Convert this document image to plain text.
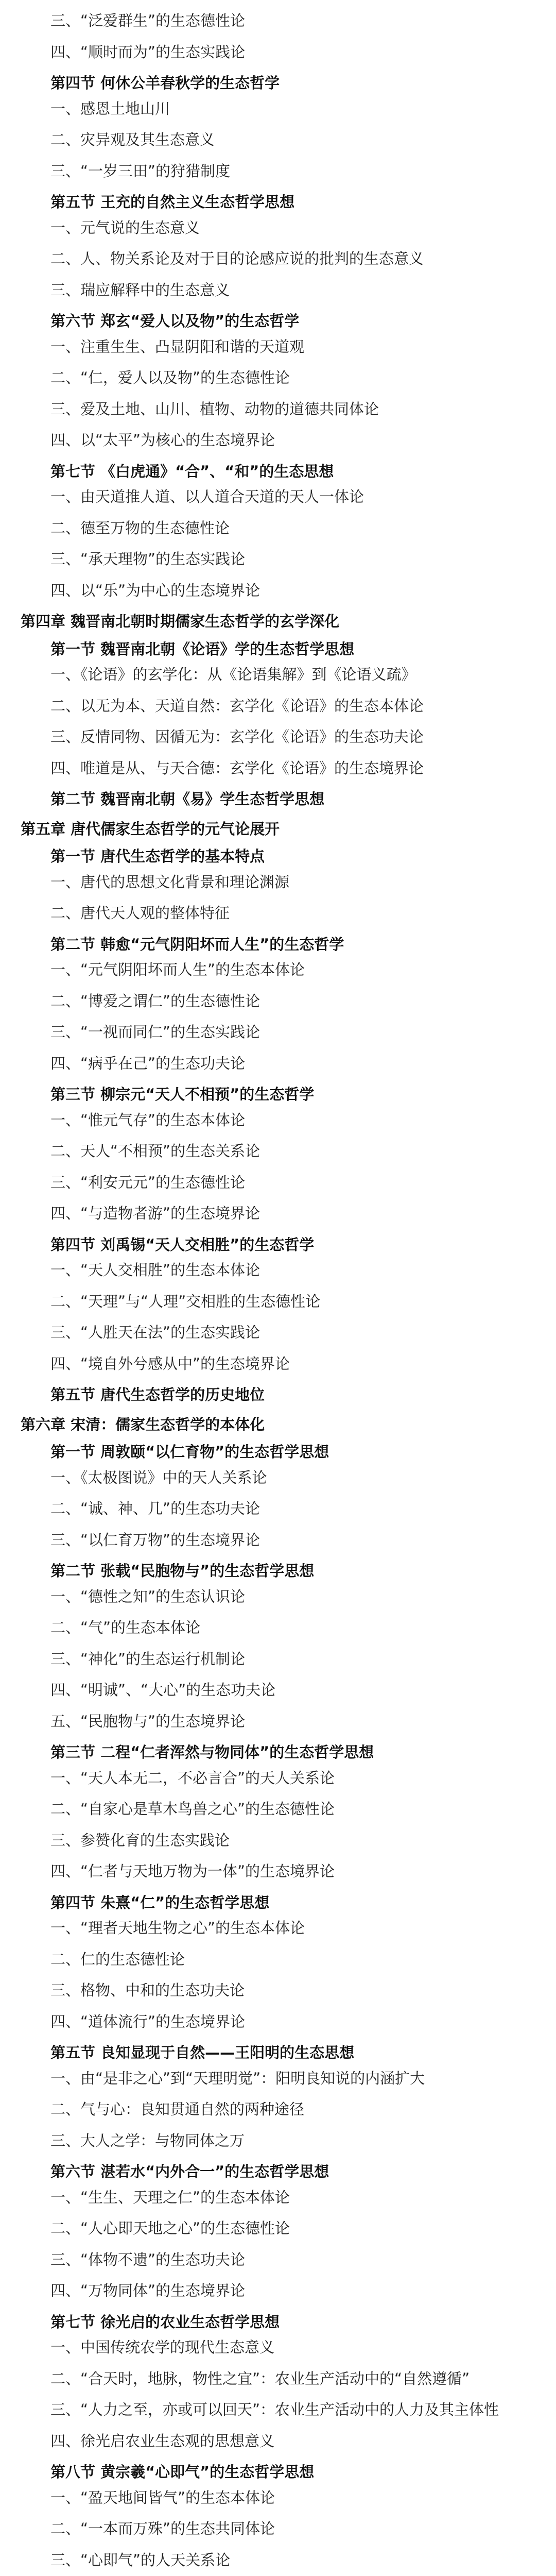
三、“泛爱群生”的生态德性论

四、“顺时而为”的生态实践论

第四节 何休公羊春秋学的生态哲学

一、感恩土地山川

二、灾异观及其生态意义

三、“一岁三田”的狩猎制度

第五节 王充的自然主义生态哲学思想

一、元气说的生态意义

二、人、物关系论及对于目的论感应说的批判的生态意义

三、瑞应解释中的生态意义

第六节 郑玄“爱人以及物”的生态哲学

一、注重生生、凸显阴阳和谐的天道观

二、“仁，爱人以及物”的生态德性论

三、爱及土地、山川、植物、动物的道德共同体论

四、以“太平”为核心的生态境界论

第七节 《白虎通》“合”、“和”的生态思想

一、由天道推人道、以人道合天道的天人一体论

二、德至万物的生态德性论

三、“承天理物”的生态实践论

四、以“乐”为中心的生态境界论

第四章 魏晋南北朝时期儒家生态哲学的玄学深化

第一节 魏晋南北朝《论语》学的生态哲学思想

一、《论语》的玄学化：从《论语集解》到《论语义疏》

二、以无为本、天道自然：玄学化《论语》的生态本体论

三、反情同物、因循无为：玄学化《论语》的生态功夫论

四、唯道是从、与天合德：玄学化《论语》的生态境界论

第二节 魏晋南北朝《易》学生态哲学思想

第五章 唐代儒家生态哲学的元气论展开

第一节 唐代生态哲学的基本特点

一、唐代的思想文化背景和理论渊源

二、唐代天人观的整体特征

第二节 韩愈“元气阴阳坏而人生”的生态哲学

一、“元气阴阳坏而人生”的生态本体论

二、“博爱之谓仁”的生态德性论

三、“一视而同仁”的生态实践论

四、“病乎在己”的生态功夫论

第三节 柳宗元“天人不相预”的生态哲学

一、“惟元气存”的生态本体论

二、天人“不相预”的生态关系论

三、“利安元元”的生态德性论

四、“与造物者游”的生态境界论

第四节 刘禹锡“天人交相胜”的生态哲学

一、“天人交相胜”的生态本体论

二、“天理”与“人理”交相胜的生态德性论

三、“人胜天在法”的生态实践论

四、“境自外兮感从中”的生态境界论

第五节 唐代生态哲学的历史地位

第六章 宋清：儒家生态哲学的本体化

第一节 周敦颐“以仁育物”的生态哲学思想

一、《太极图说》中的天人关系论

二、“诚、神、几”的生态功夫论

三、“以仁育万物”的生态境界论

第二节 张载“民胞物与”的生态哲学思想

一、“德性之知”的生态认识论

二、“气”的生态本体论

三、“神化”的生态运行机制论

四、“明诚”、“大心”的生态功夫论

五、“民胞物与”的生态境界论

第三节 二程“仁者浑然与物同体”的生态哲学思想

一、“天人本无二，不必言合”的天人关系论

二、“自家心是草木鸟兽之心”的生态德性论

三、参赞化育的生态实践论

四、“仁者与天地万物为一体”的生态境界论

第四节 朱熹“仁”的生态哲学思想

一、“理者天地生物之心”的生态本体论

二、仁的生态德性论

三、格物、中和的生态功夫论

四、“道体流行”的生态境界论

第五节 良知显现于自然——王阳明的生态思想

一、由“是非之心”到“天理明觉”：阳明良知说的内涵扩大

二、气与心：良知贯通自然的两种途径

三、大人之学：与物同体之万

第六节 湛若水“内外合一”的生态哲学思想

一、“生生、天理之仁”的生态本体论

二、“人心即天地之心”的生态德性论

三、“体物不遗”的生态功夫论

四、“万物同体”的生态境界论

第七节 徐光启的农业生态哲学思想

一、中国传统农学的现代生态意义

二、“合天时，地脉，物性之宜”：农业生产活动中的“自然遵循”

三、“人力之至，亦或可以回天”：农业生产活动中的人力及其主体性

四、徐光启农业生态观的思想意义

第八节 黄宗羲“心即气”的生态哲学思想

一、“盈天地间皆气”的生态本体论

二、“一本而万殊”的生态共同体论

三、“心即气”的人天关系论
